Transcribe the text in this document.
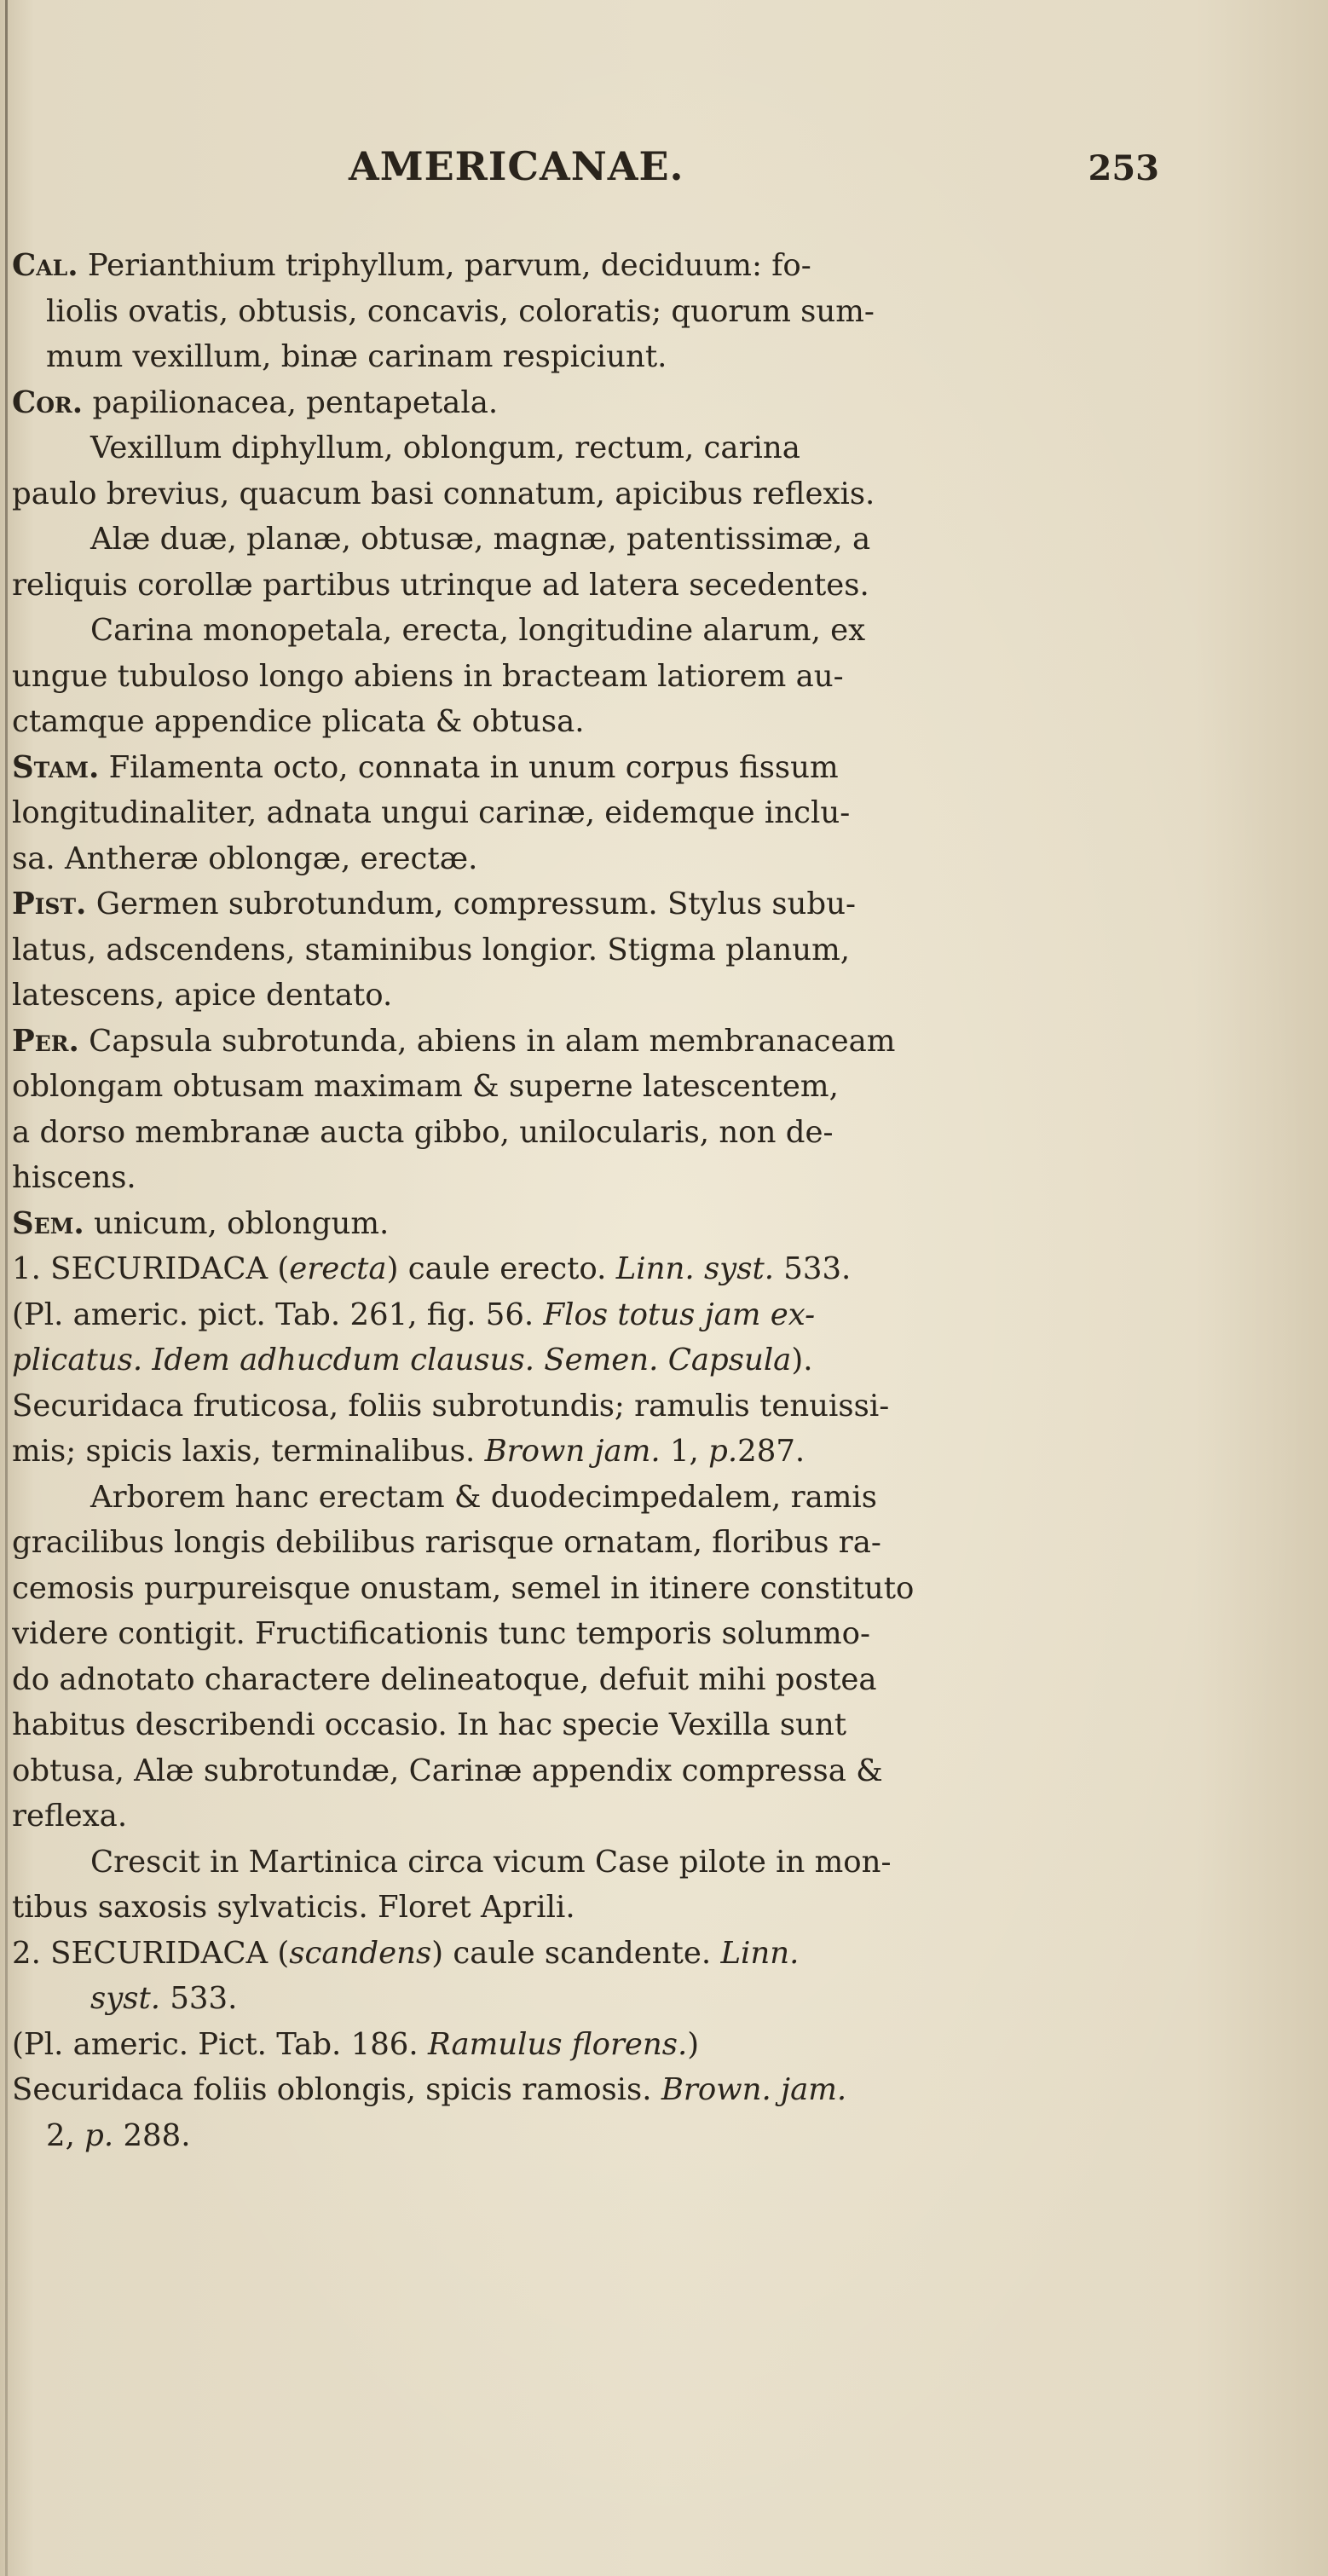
AMERICANAE.	253
Cal. Perianthium triphyllum, parvum, deciduum: fo-
liolis ovatis, obtusis, concavis, coloratis; quorum sum-
mum vexillum, binæ carinam respiciunt.
Cor. papilionacea, pentapetala.
Vexillum diphyllum, oblongum, rectum, carina
paulo brevius, quacum basi connatum, apicibus reflexis.
Alæ duæ, planæ, obtusæ, magnæ, patentissimæ, a
reliquis corollæ partibus utrinque ad latera secedentes.
Carina monopetala, erecta, longitudine alarum, ex
ungue tubuloso longo abiens in bracteam latiorem au-
ctamque appendice plicata & obtusa.
Stam. Filamenta octo, connata in unum corpus fissum
longitudinaliter, adnata ungui carinæ, eidemque inclu-
sa. Antheræ oblongæ, erectæ.
Pist. Germen subrotundum, compressum. Stylus subu-
latus, adscendens, staminibus longior. Stigma planum,
latescens, apice dentato.
Per. Capsula subrotunda, abiens in alam membranaceam
oblongam obtusam maximam & superne latescentem,
a dorso membranæ aucta gibbo, unilocularis, non de-
hiscens.
Sem. unicum, oblongum.
1. SECURIDACA (erecta) caule erecto. Linn. syst. 533.
(Pl. americ. pict. Tab. 261, fig. 56. Flos totus jam ex-
plicatus. Idem adhucdum clausus. Semen. Capsula).
Securidaca fruticosa, foliis subrotundis; ramulis tenuissi-
mis; spicis laxis, terminalibus. Brown jam. 1, p.287.
Arborem hanc erectam & duodecimpedalem, ramis
gracilibus longis debilibus rarisque ornatam, floribus ra-
cemosis purpureisque onustam, semel in itinere constituto
videre contigit. Fructificationis tunc temporis solummo-
do adnotato charactere delineatoque, defuit mihi postea
habitus describendi occasio. In hac specie Vexilla sunt
obtusa, Alæ subrotundæ, Carinæ appendix compressa &
reflexa.
Crescit in Martinica circa vicum Case pilote in mon-
tibus saxosis sylvaticis. Floret Aprili.
2. SECURIDACA (scandens) caule scandente. Linn.
syst. 533.
(Pl. americ. Pict. Tab. 186. Ramulus florens.)
Securidaca foliis oblongis, spicis ramosis. Brown. jam.
2, p. 288.
